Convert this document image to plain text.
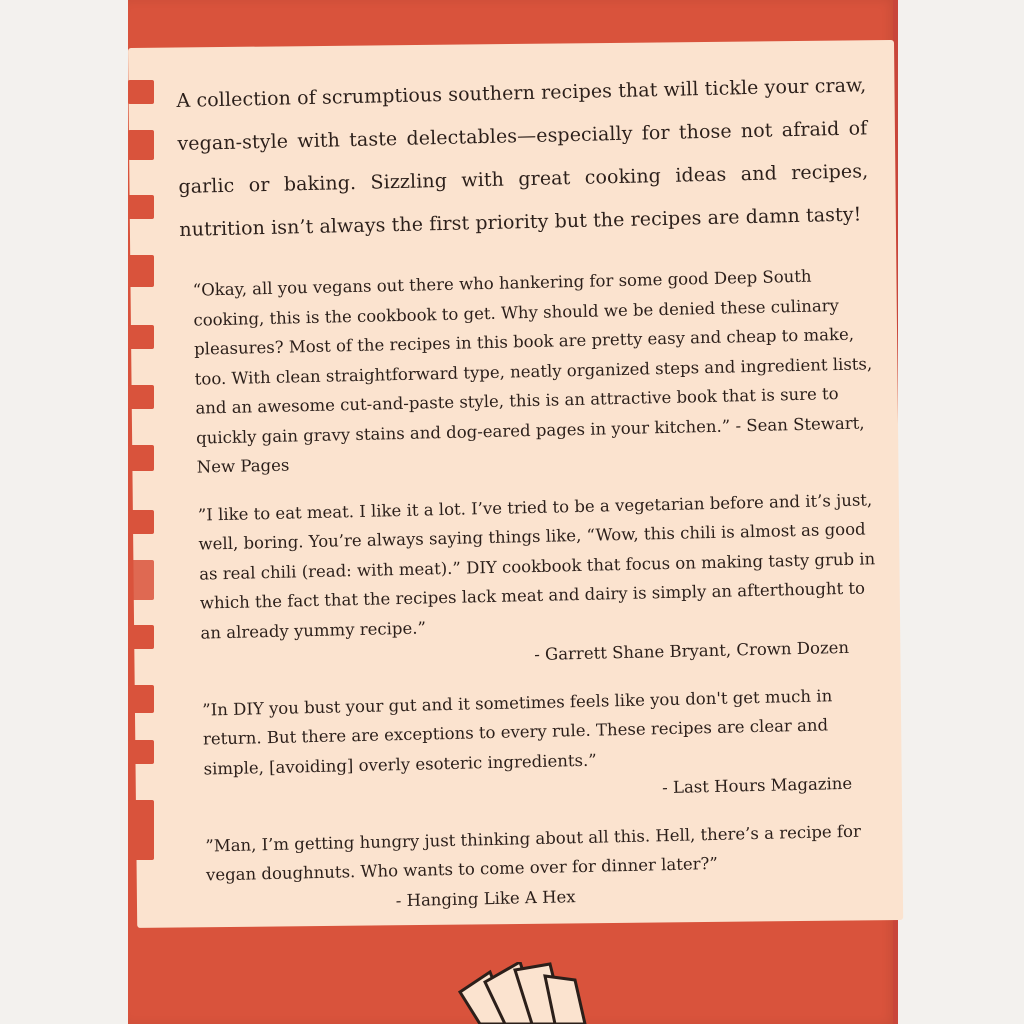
A collection of scrumptious southern recipes that will tickle your craw, vegan-style with taste delectables—especially for those not afraid of garlic or baking. Sizzling with great cooking ideas and recipes, nutrition isn’t always the first priority but the recipes are damn tasty!

“Okay, all you vegans out there who hankering for some good Deep South cooking, this is the cookbook to get. Why should we be denied these culinary pleasures? Most of the recipes in this book are pretty easy and cheap to make, too. With clean straightforward type, neatly organized steps and ingredient lists, and an awesome cut-and-paste style, this is an attractive book that is sure to quickly gain gravy stains and dog-eared pages in your kitchen.” - Sean Stewart, New Pages

”I like to eat meat. I like it a lot. I’ve tried to be a vegetarian before and it’s just, well, boring. You’re always saying things like, “Wow, this chili is almost as good as real chili (read: with meat).” DIY cookbook that focus on making tasty grub in which the fact that the recipes lack meat and dairy is simply an afterthought to an already yummy recipe.”
- Garrett Shane Bryant, Crown Dozen

”In DIY you bust your gut and it sometimes feels like you don't get much in return. But there are exceptions to every rule. These recipes are clear and simple, [avoiding] overly esoteric ingredients.”
- Last Hours Magazine

”Man, I’m getting hungry just thinking about all this. Hell, there’s a recipe for vegan doughnuts. Who wants to come over for dinner later?”
- Hanging Like A Hex
